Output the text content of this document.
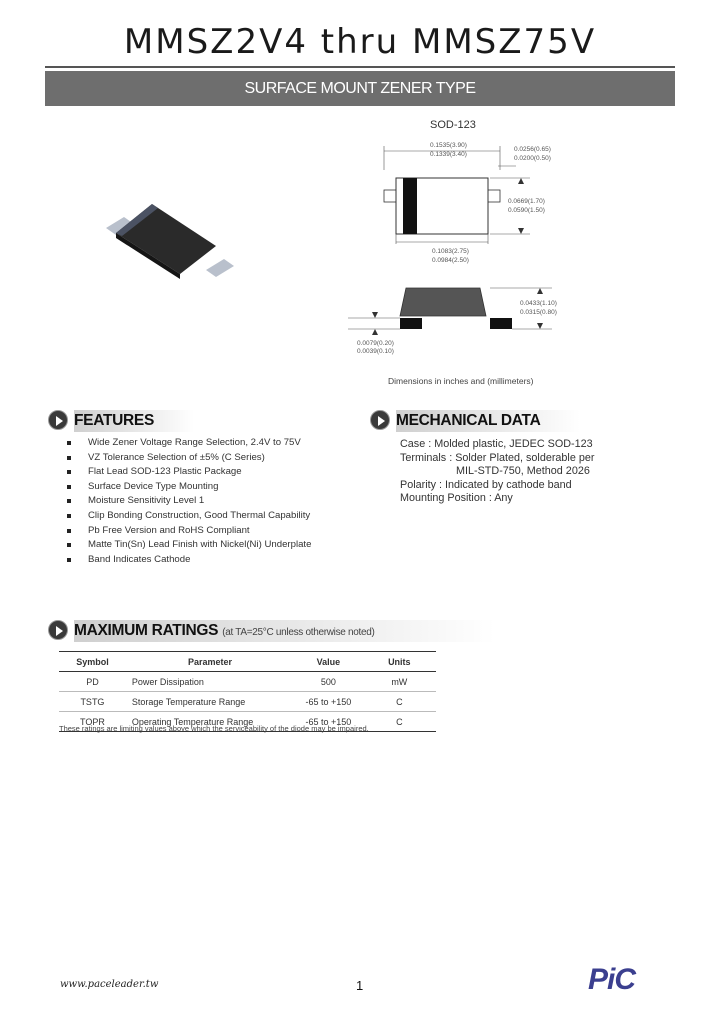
MMSZ2V4 thru MMSZ75V
SURFACE MOUNT ZENER TYPE
SOD-123
0.1535(3.90)
0.1339(3.40)
0.0256(0.65)
0.0200(0.50)
0.0669(1.70)
0.0590(1.50)
0.1083(2.75)
0.0984(2.50)
0.0433(1.10)
0.0315(0.80)
0.0079(0.20)
0.0039(0.10)
Dimensions in inches and (millimeters)
FEATURES
Wide Zener Voltage Range Selection, 2.4V to 75V
VZ Tolerance Selection of ±5% (C Series)
Flat Lead SOD-123 Plastic Package
Surface Device Type Mounting
Moisture Sensitivity Level 1
Clip Bonding Construction, Good Thermal Capability
Pb Free Version and RoHS Compliant
Matte Tin(Sn) Lead Finish with Nickel(Ni) Underplate
Band Indicates Cathode
MECHANICAL DATA
Case : Molded plastic, JEDEC SOD-123
Terminals : Solder Plated, solderable per
MIL-STD-750, Method 2026
Polarity : Indicated by cathode band
Mounting Position : Any
MAXIMUM RATINGS (at TA=25°C unless otherwise noted)
Symbol	Parameter	Value	Units
PD	Power Dissipation	500	mW
TSTG	Storage Temperature Range	-65 to +150	C
TOPR	Operating Temperature Range	-65 to +150	C
These ratings are limiting values above which the serviceability of the diode may be impaired.
www.paceleader.tw	1	PiC
